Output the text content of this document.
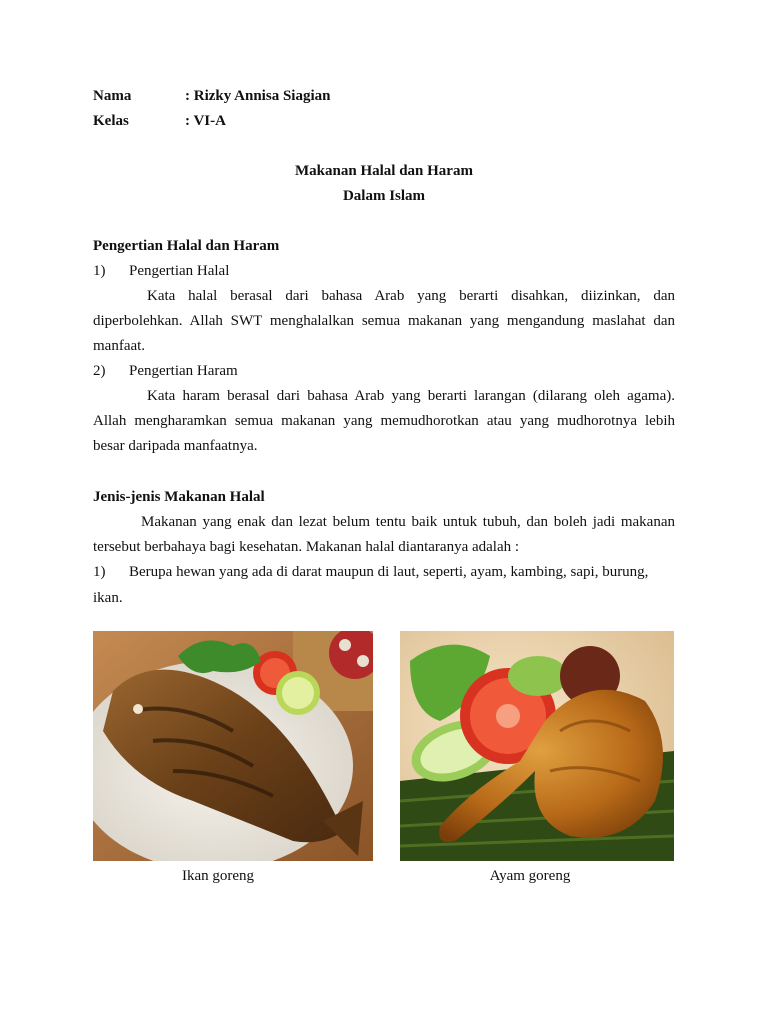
Nama	: Rizky Annisa Siagian
Kelas	: VI-A
Makanan Halal dan Haram
Dalam Islam
Pengertian Halal dan Haram
1) Pengertian Halal
Kata halal berasal dari bahasa Arab yang berarti disahkan, diizinkan, dan
diperbolehkan. Allah SWT menghalalkan semua makanan yang mengandung maslahat dan
manfaat.
2) Pengertian Haram
Kata haram berasal dari bahasa Arab yang berarti larangan (dilarang oleh agama).
Allah mengharamkan semua makanan yang memudhorotkan atau yang mudhorotnya lebih
besar daripada manfaatnya.
Jenis-jenis Makanan Halal
Makanan yang enak dan lezat belum tentu baik untuk tubuh, dan boleh jadi makanan
tersebut berbahaya bagi kesehatan. Makanan halal diantaranya adalah :
1) Berupa hewan yang ada di darat maupun di laut, seperti, ayam, kambing, sapi, burung,
ikan.
Ikan goreng	Ayam goreng
